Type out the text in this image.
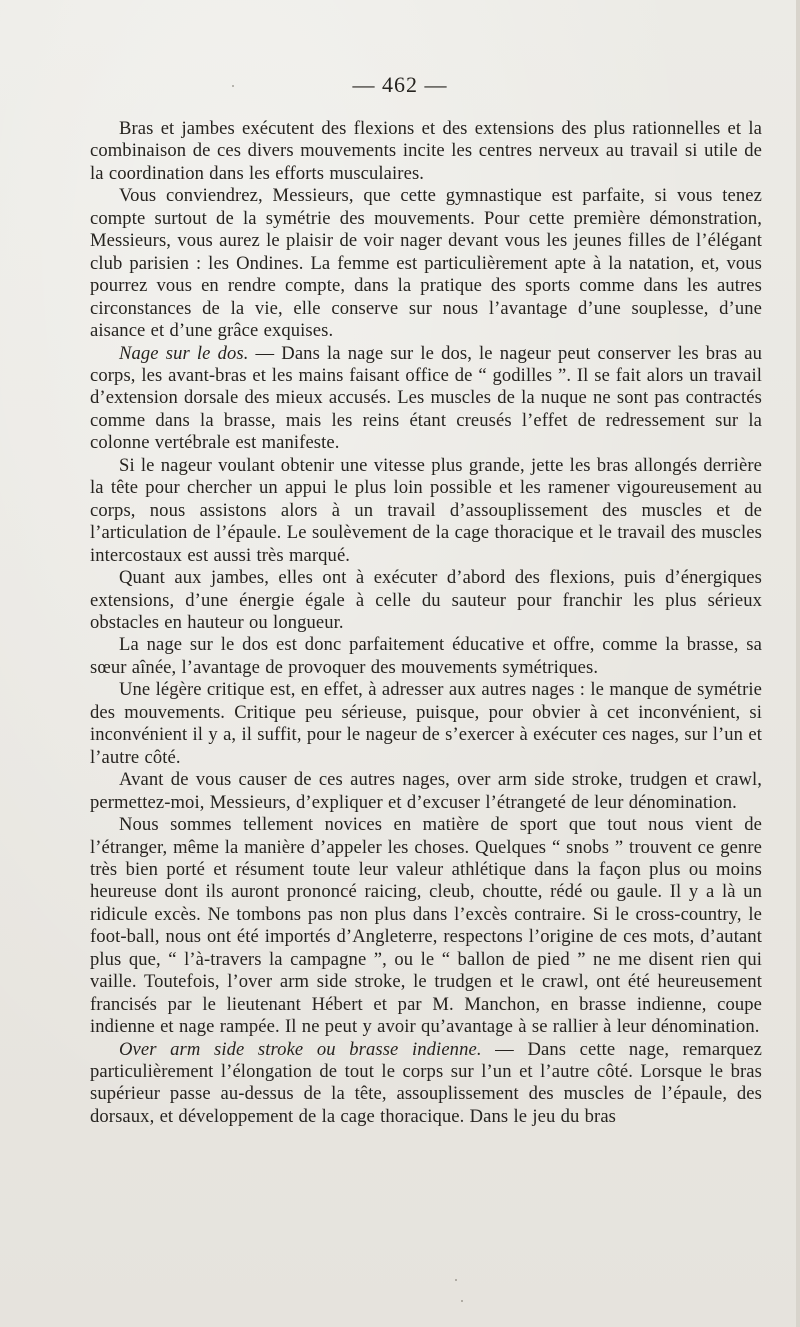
— 462 —

Bras et jambes exécutent des flexions et des extensions des plus rationnelles et la combinaison de ces divers mouvements incite les centres nerveux au travail si utile de la coordination dans les efforts musculaires.

Vous conviendrez, Messieurs, que cette gymnastique est parfaite, si vous tenez compte surtout de la symétrie des mouvements. Pour cette première démonstration, Messieurs, vous aurez le plaisir de voir nager devant vous les jeunes filles de l’élégant club parisien : les Ondines. La femme est particulièrement apte à la natation, et, vous pourrez vous en rendre compte, dans la pratique des sports comme dans les autres circonstances de la vie, elle conserve sur nous l’avantage d’une souplesse, d’une aisance et d’une grâce exquises.

Nage sur le dos. — Dans la nage sur le dos, le nageur peut conserver les bras au corps, les avant-bras et les mains faisant office de “ godilles ”. Il se fait alors un travail d’extension dorsale des mieux accusés. Les muscles de la nuque ne sont pas contractés comme dans la brasse, mais les reins étant creusés l’effet de redressement sur la colonne vertébrale est manifeste.

Si le nageur voulant obtenir une vitesse plus grande, jette les bras allongés derrière la tête pour chercher un appui le plus loin possible et les ramener vigoureusement au corps, nous assistons alors à un travail d’assouplissement des muscles et de l’articulation de l’épaule. Le soulèvement de la cage thoracique et le travail des muscles intercostaux est aussi très marqué.

Quant aux jambes, elles ont à exécuter d’abord des flexions, puis d’énergiques extensions, d’une énergie égale à celle du sauteur pour franchir les plus sérieux obstacles en hauteur ou longueur.

La nage sur le dos est donc parfaitement éducative et offre, comme la brasse, sa sœur aînée, l’avantage de provoquer des mouvements symétriques.

Une légère critique est, en effet, à adresser aux autres nages : le manque de symétrie des mouvements. Critique peu sérieuse, puisque, pour obvier à cet inconvénient, si inconvénient il y a, il suffit, pour le nageur de s’exercer à exécuter ces nages, sur l’un et l’autre côté.

Avant de vous causer de ces autres nages, over arm side stroke, trudgen et crawl, permettez-moi, Messieurs, d’expliquer et d’excuser l’étrangeté de leur dénomination.

Nous sommes tellement novices en matière de sport que tout nous vient de l’étranger, même la manière d’appeler les choses. Quelques “ snobs ” trouvent ce genre très bien porté et résument toute leur valeur athlétique dans la façon plus ou moins heureuse dont ils auront prononcé raicing, cleub, choutte, rédé ou gaule. Il y a là un ridicule excès. Ne tombons pas non plus dans l’excès contraire. Si le cross-country, le foot-ball, nous ont été importés d’Angleterre, respectons l’origine de ces mots, d’autant plus que, “ l’à-travers la campagne ”, ou le “ ballon de pied ” ne me disent rien qui vaille. Toutefois, l’over arm side stroke, le trudgen et le crawl, ont été heureusement francisés par le lieutenant Hébert et par M. Manchon, en brasse indienne, coupe indienne et nage rampée. Il ne peut y avoir qu’avantage à se rallier à leur dénomination.

Over arm side stroke ou brasse indienne. — Dans cette nage, remarquez particulièrement l’élongation de tout le corps sur l’un et l’autre côté. Lorsque le bras supérieur passe au-dessus de la tête, assouplissement des muscles de l’épaule, des dorsaux, et développement de la cage thoracique. Dans le jeu du bras
